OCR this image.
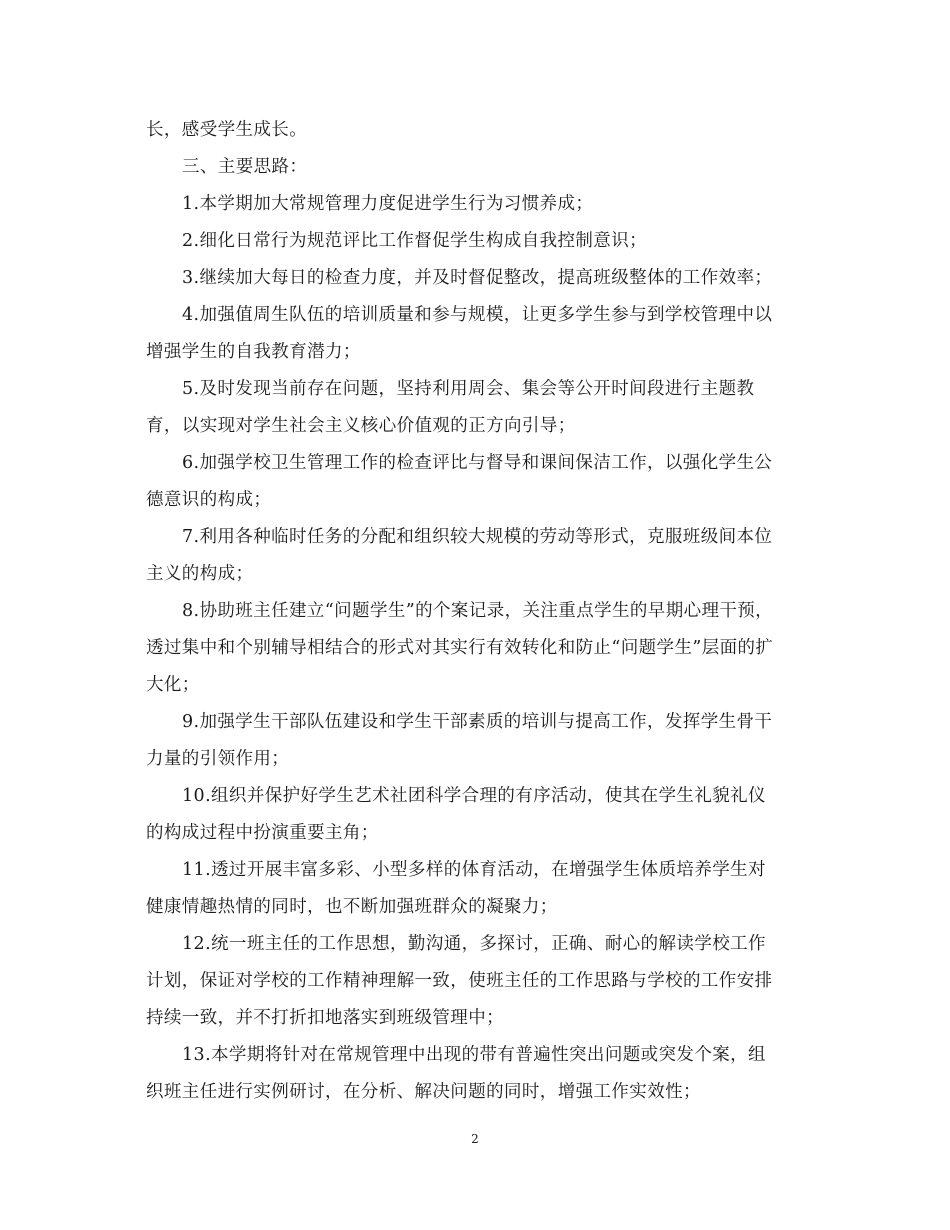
长，感受学生成长。
三、主要思路：
1.本学期加大常规管理力度促进学生行为习惯养成；
2.细化日常行为规范评比工作督促学生构成自我控制意识；
3.继续加大每日的检查力度，并及时督促整改，提高班级整体的工作效率；
4.加强值周生队伍的培训质量和参与规模，让更多学生参与到学校管理中以
增强学生的自我教育潜力；
5.及时发现当前存在问题，坚持利用周会、集会等公开时间段进行主题教
育，以实现对学生社会主义核心价值观的正方向引导；
6.加强学校卫生管理工作的检查评比与督导和课间保洁工作，以强化学生公
德意识的构成；
7.利用各种临时任务的分配和组织较大规模的劳动等形式，克服班级间本位
主义的构成；
8.协助班主任建立“问题学生”的个案记录，关注重点学生的早期心理干预，
透过集中和个别辅导相结合的形式对其实行有效转化和防止“问题学生”层面的扩
大化；
9.加强学生干部队伍建设和学生干部素质的培训与提高工作，发挥学生骨干
力量的引领作用；
10.组织并保护好学生艺术社团科学合理的有序活动，使其在学生礼貌礼仪
的构成过程中扮演重要主角；
11.透过开展丰富多彩、小型多样的体育活动，在增强学生体质培养学生对
健康情趣热情的同时，也不断加强班群众的凝聚力；
12.统一班主任的工作思想，勤沟通，多探讨，正确、耐心的解读学校工作
计划，保证对学校的工作精神理解一致，使班主任的工作思路与学校的工作安排
持续一致，并不打折扣地落实到班级管理中；
13.本学期将针对在常规管理中出现的带有普遍性突出问题或突发个案，组
织班主任进行实例研讨，在分析、解决问题的同时，增强工作实效性；
2
